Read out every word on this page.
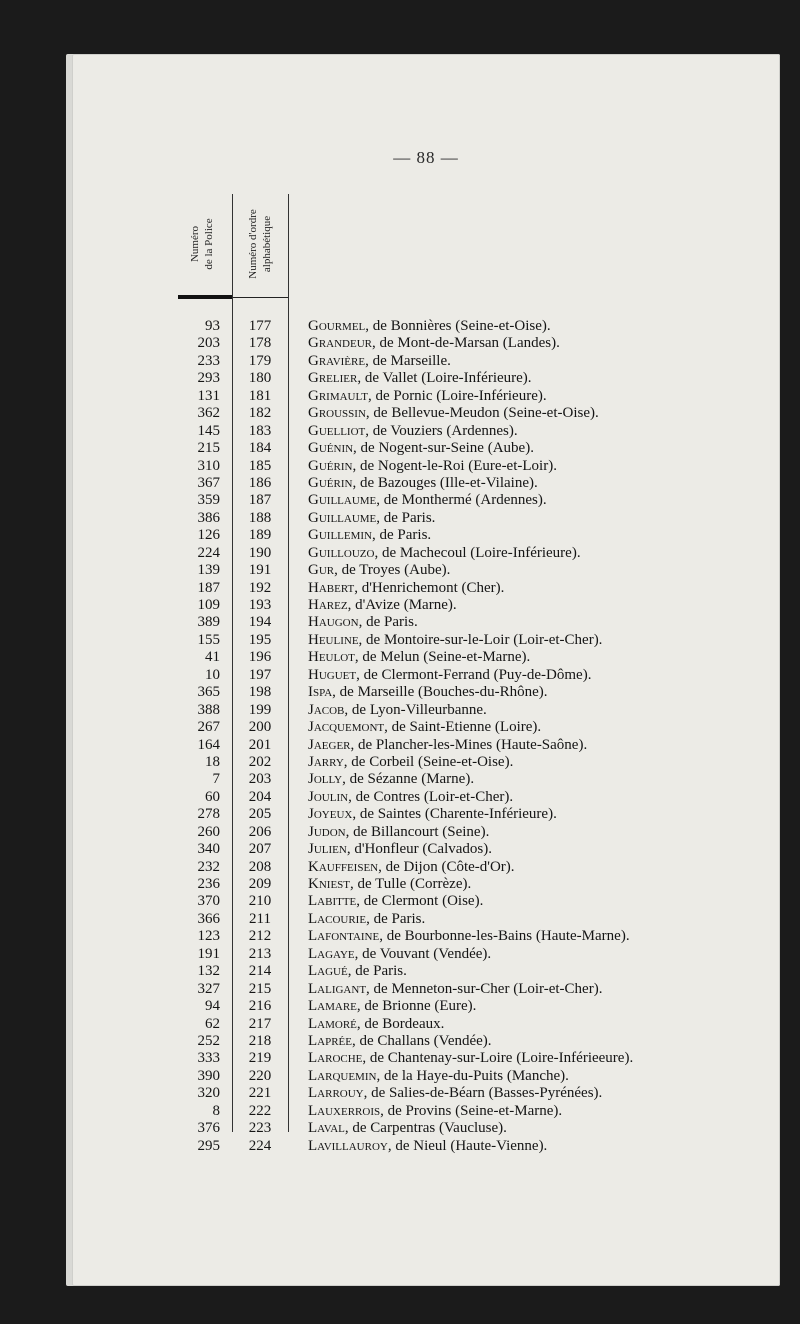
— 88 —
Numéro de la Police	Numéro d'ordre alphabétique
93	177	Gourmel, de Bonnières (Seine-et-Oise).
203	178	Grandeur, de Mont-de-Marsan (Landes).
233	179	Gravière, de Marseille.
293	180	Grelier, de Vallet (Loire-Inférieure).
131	181	Grimault, de Pornic (Loire-Inférieure).
362	182	Groussin, de Bellevue-Meudon (Seine-et-Oise).
145	183	Guelliot, de Vouziers (Ardennes).
215	184	Guénin, de Nogent-sur-Seine (Aube).
310	185	Guérin, de Nogent-le-Roi (Eure-et-Loir).
367	186	Guérin, de Bazouges (Ille-et-Vilaine).
359	187	Guillaume, de Monthermé (Ardennes).
386	188	Guillaume, de Paris.
126	189	Guillemin, de Paris.
224	190	Guillouzo, de Machecoul (Loire-Inférieure).
139	191	Gur, de Troyes (Aube).
187	192	Habert, d'Henrichemont (Cher).
109	193	Harez, d'Avize (Marne).
389	194	Haugon, de Paris.
155	195	Heuline, de Montoire-sur-le-Loir (Loir-et-Cher).
41	196	Heulot, de Melun (Seine-et-Marne).
10	197	Huguet, de Clermont-Ferrand (Puy-de-Dôme).
365	198	Ispa, de Marseille (Bouches-du-Rhône).
388	199	Jacob, de Lyon-Villeurbanne.
267	200	Jacquemont, de Saint-Etienne (Loire).
164	201	Jaeger, de Plancher-les-Mines (Haute-Saône).
18	202	Jarry, de Corbeil (Seine-et-Oise).
7	203	Jolly, de Sézanne (Marne).
60	204	Joulin, de Contres (Loir-et-Cher).
278	205	Joyeux, de Saintes (Charente-Inférieure).
260	206	Judon, de Billancourt (Seine).
340	207	Julien, d'Honfleur (Calvados).
232	208	Kauffeisen, de Dijon (Côte-d'Or).
236	209	Kniest, de Tulle (Corrèze).
370	210	Labitte, de Clermont (Oise).
366	211	Lacourie, de Paris.
123	212	Lafontaine, de Bourbonne-les-Bains (Haute-Marne).
191	213	Lagaye, de Vouvant (Vendée).
132	214	Lagué, de Paris.
327	215	Laligant, de Menneton-sur-Cher (Loir-et-Cher).
94	216	Lamare, de Brionne (Eure).
62	217	Lamoré, de Bordeaux.
252	218	Laprée, de Challans (Vendée).
333	219	Laroche, de Chantenay-sur-Loire (Loire-Inférieeure).
390	220	Larquemin, de la Haye-du-Puits (Manche).
320	221	Larrouy, de Salies-de-Béarn (Basses-Pyrénées).
8	222	Lauxerrois, de Provins (Seine-et-Marne).
376	223	Laval, de Carpentras (Vaucluse).
295	224	Lavillauroy, de Nieul (Haute-Vienne).
